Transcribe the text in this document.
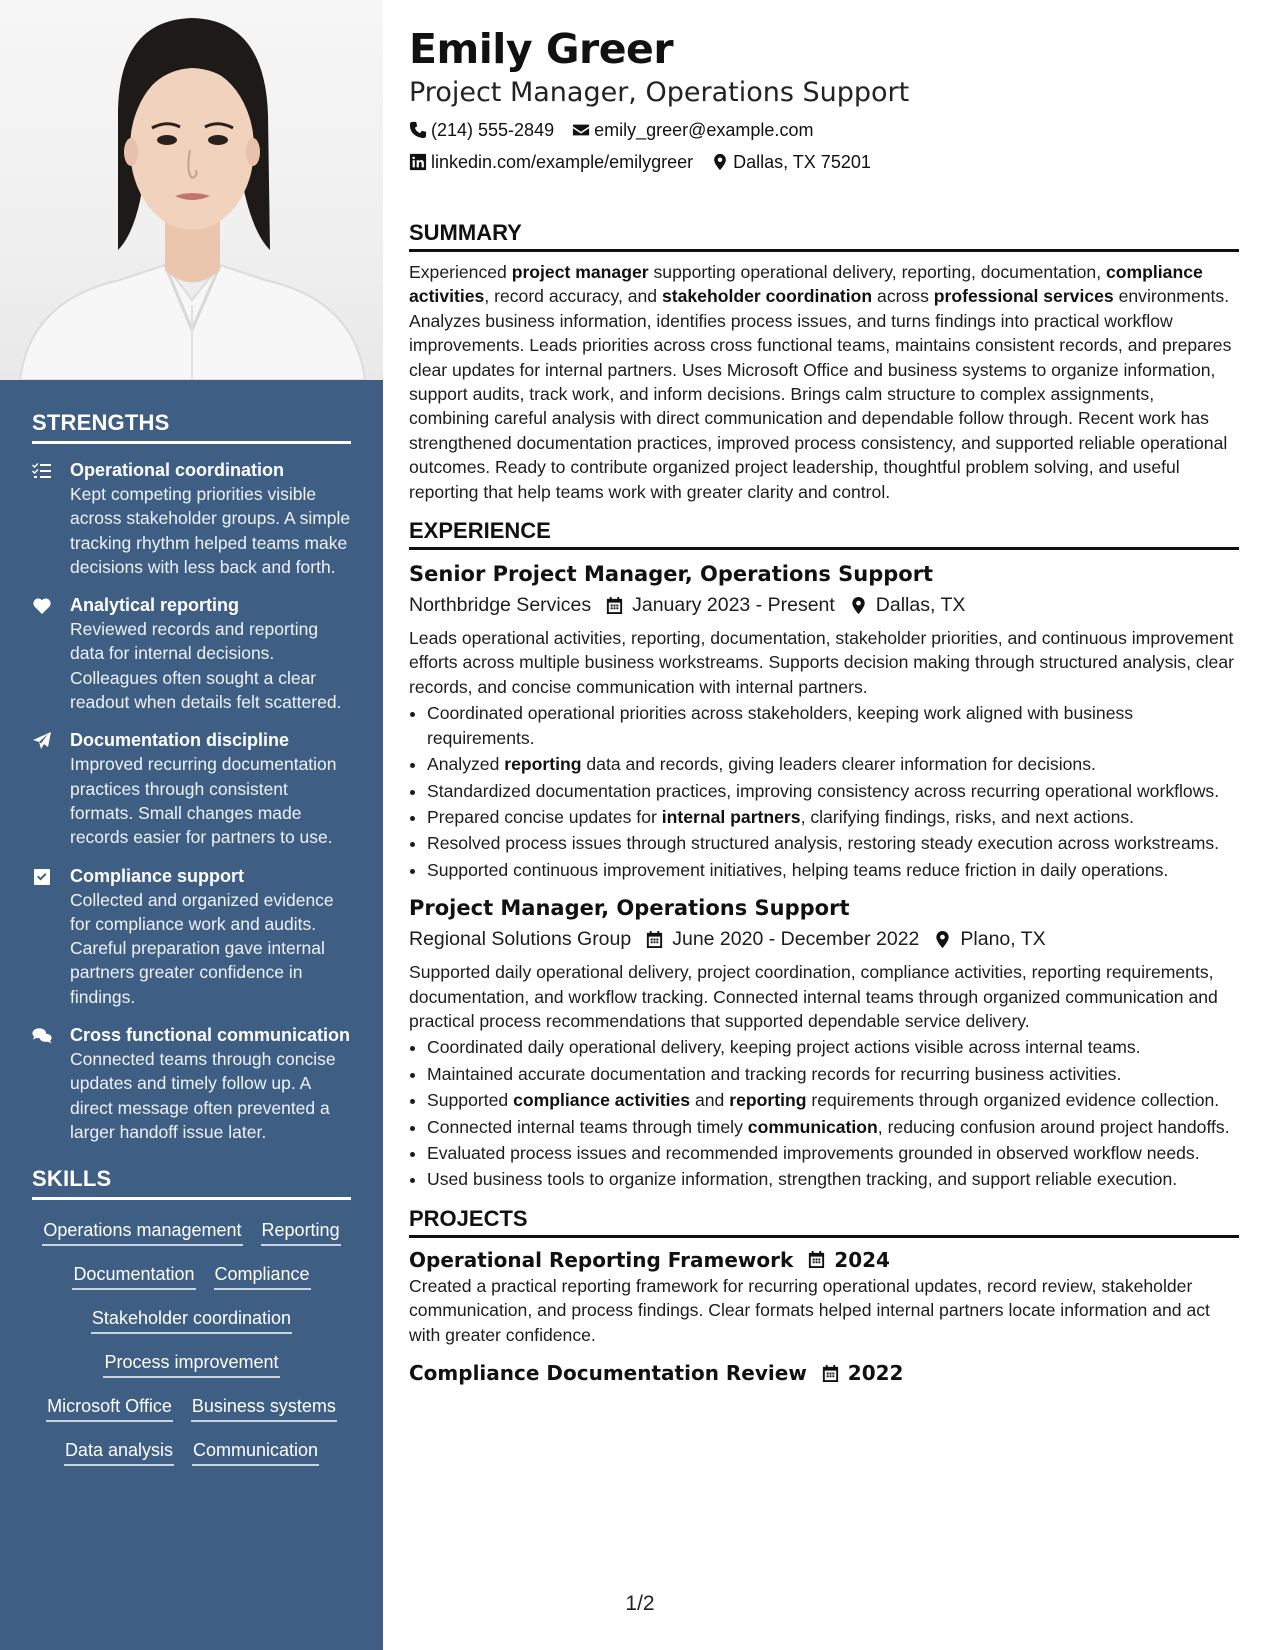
STRENGTHS
Operational coordination
Kept competing priorities visible across stakeholder groups. A simple tracking rhythm helped teams make decisions with less back and forth.
Analytical reporting
Reviewed records and reporting data for internal decisions. Colleagues often sought a clear readout when details felt scattered.
Documentation discipline
Improved recurring documentation practices through consistent formats. Small changes made records easier for partners to use.
Compliance support
Collected and organized evidence for compliance work and audits. Careful preparation gave internal partners greater confidence in findings.
Cross functional communication
Connected teams through concise updates and timely follow up. A direct message often prevented a larger handoff issue later.
SKILLS
Operations management Reporting
Documentation Compliance
Stakeholder coordination
Process improvement
Microsoft Office Business systems
Data analysis Communication
Emily Greer
Project Manager, Operations Support
(214) 555-2849 emily_greer@example.com
linkedin.com/example/emilygreer Dallas, TX 75201
SUMMARY
Experienced project manager supporting operational delivery, reporting, documentation, compliance activities, record accuracy, and stakeholder coordination across professional services environments. Analyzes business information, identifies process issues, and turns findings into practical workflow improvements. Leads priorities across cross functional teams, maintains consistent records, and prepares clear updates for internal partners. Uses Microsoft Office and business systems to organize information, support audits, track work, and inform decisions. Brings calm structure to complex assignments, combining careful analysis with direct communication and dependable follow through. Recent work has strengthened documentation practices, improved process consistency, and supported reliable operational outcomes. Ready to contribute organized project leadership, thoughtful problem solving, and useful reporting that help teams work with greater clarity and control.
EXPERIENCE
Senior Project Manager, Operations Support
Northbridge Services January 2023 - Present Dallas, TX
Leads operational activities, reporting, documentation, stakeholder priorities, and continuous improvement efforts across multiple business workstreams. Supports decision making through structured analysis, clear records, and concise communication with internal partners.
• Coordinated operational priorities across stakeholders, keeping work aligned with business requirements.
• Analyzed reporting data and records, giving leaders clearer information for decisions.
• Standardized documentation practices, improving consistency across recurring operational workflows.
• Prepared concise updates for internal partners, clarifying findings, risks, and next actions.
• Resolved process issues through structured analysis, restoring steady execution across workstreams.
• Supported continuous improvement initiatives, helping teams reduce friction in daily operations.
Project Manager, Operations Support
Regional Solutions Group June 2020 - December 2022 Plano, TX
Supported daily operational delivery, project coordination, compliance activities, reporting requirements, documentation, and workflow tracking. Connected internal teams through organized communication and practical process recommendations that supported dependable service delivery.
• Coordinated daily operational delivery, keeping project actions visible across internal teams.
• Maintained accurate documentation and tracking records for recurring business activities.
• Supported compliance activities and reporting requirements through organized evidence collection.
• Connected internal teams through timely communication, reducing confusion around project handoffs.
• Evaluated process issues and recommended improvements grounded in observed workflow needs.
• Used business tools to organize information, strengthen tracking, and support reliable execution.
PROJECTS
Operational Reporting Framework 2024
Created a practical reporting framework for recurring operational updates, record review, stakeholder communication, and process findings. Clear formats helped internal partners locate information and act with greater confidence.
Compliance Documentation Review 2022
1/2
